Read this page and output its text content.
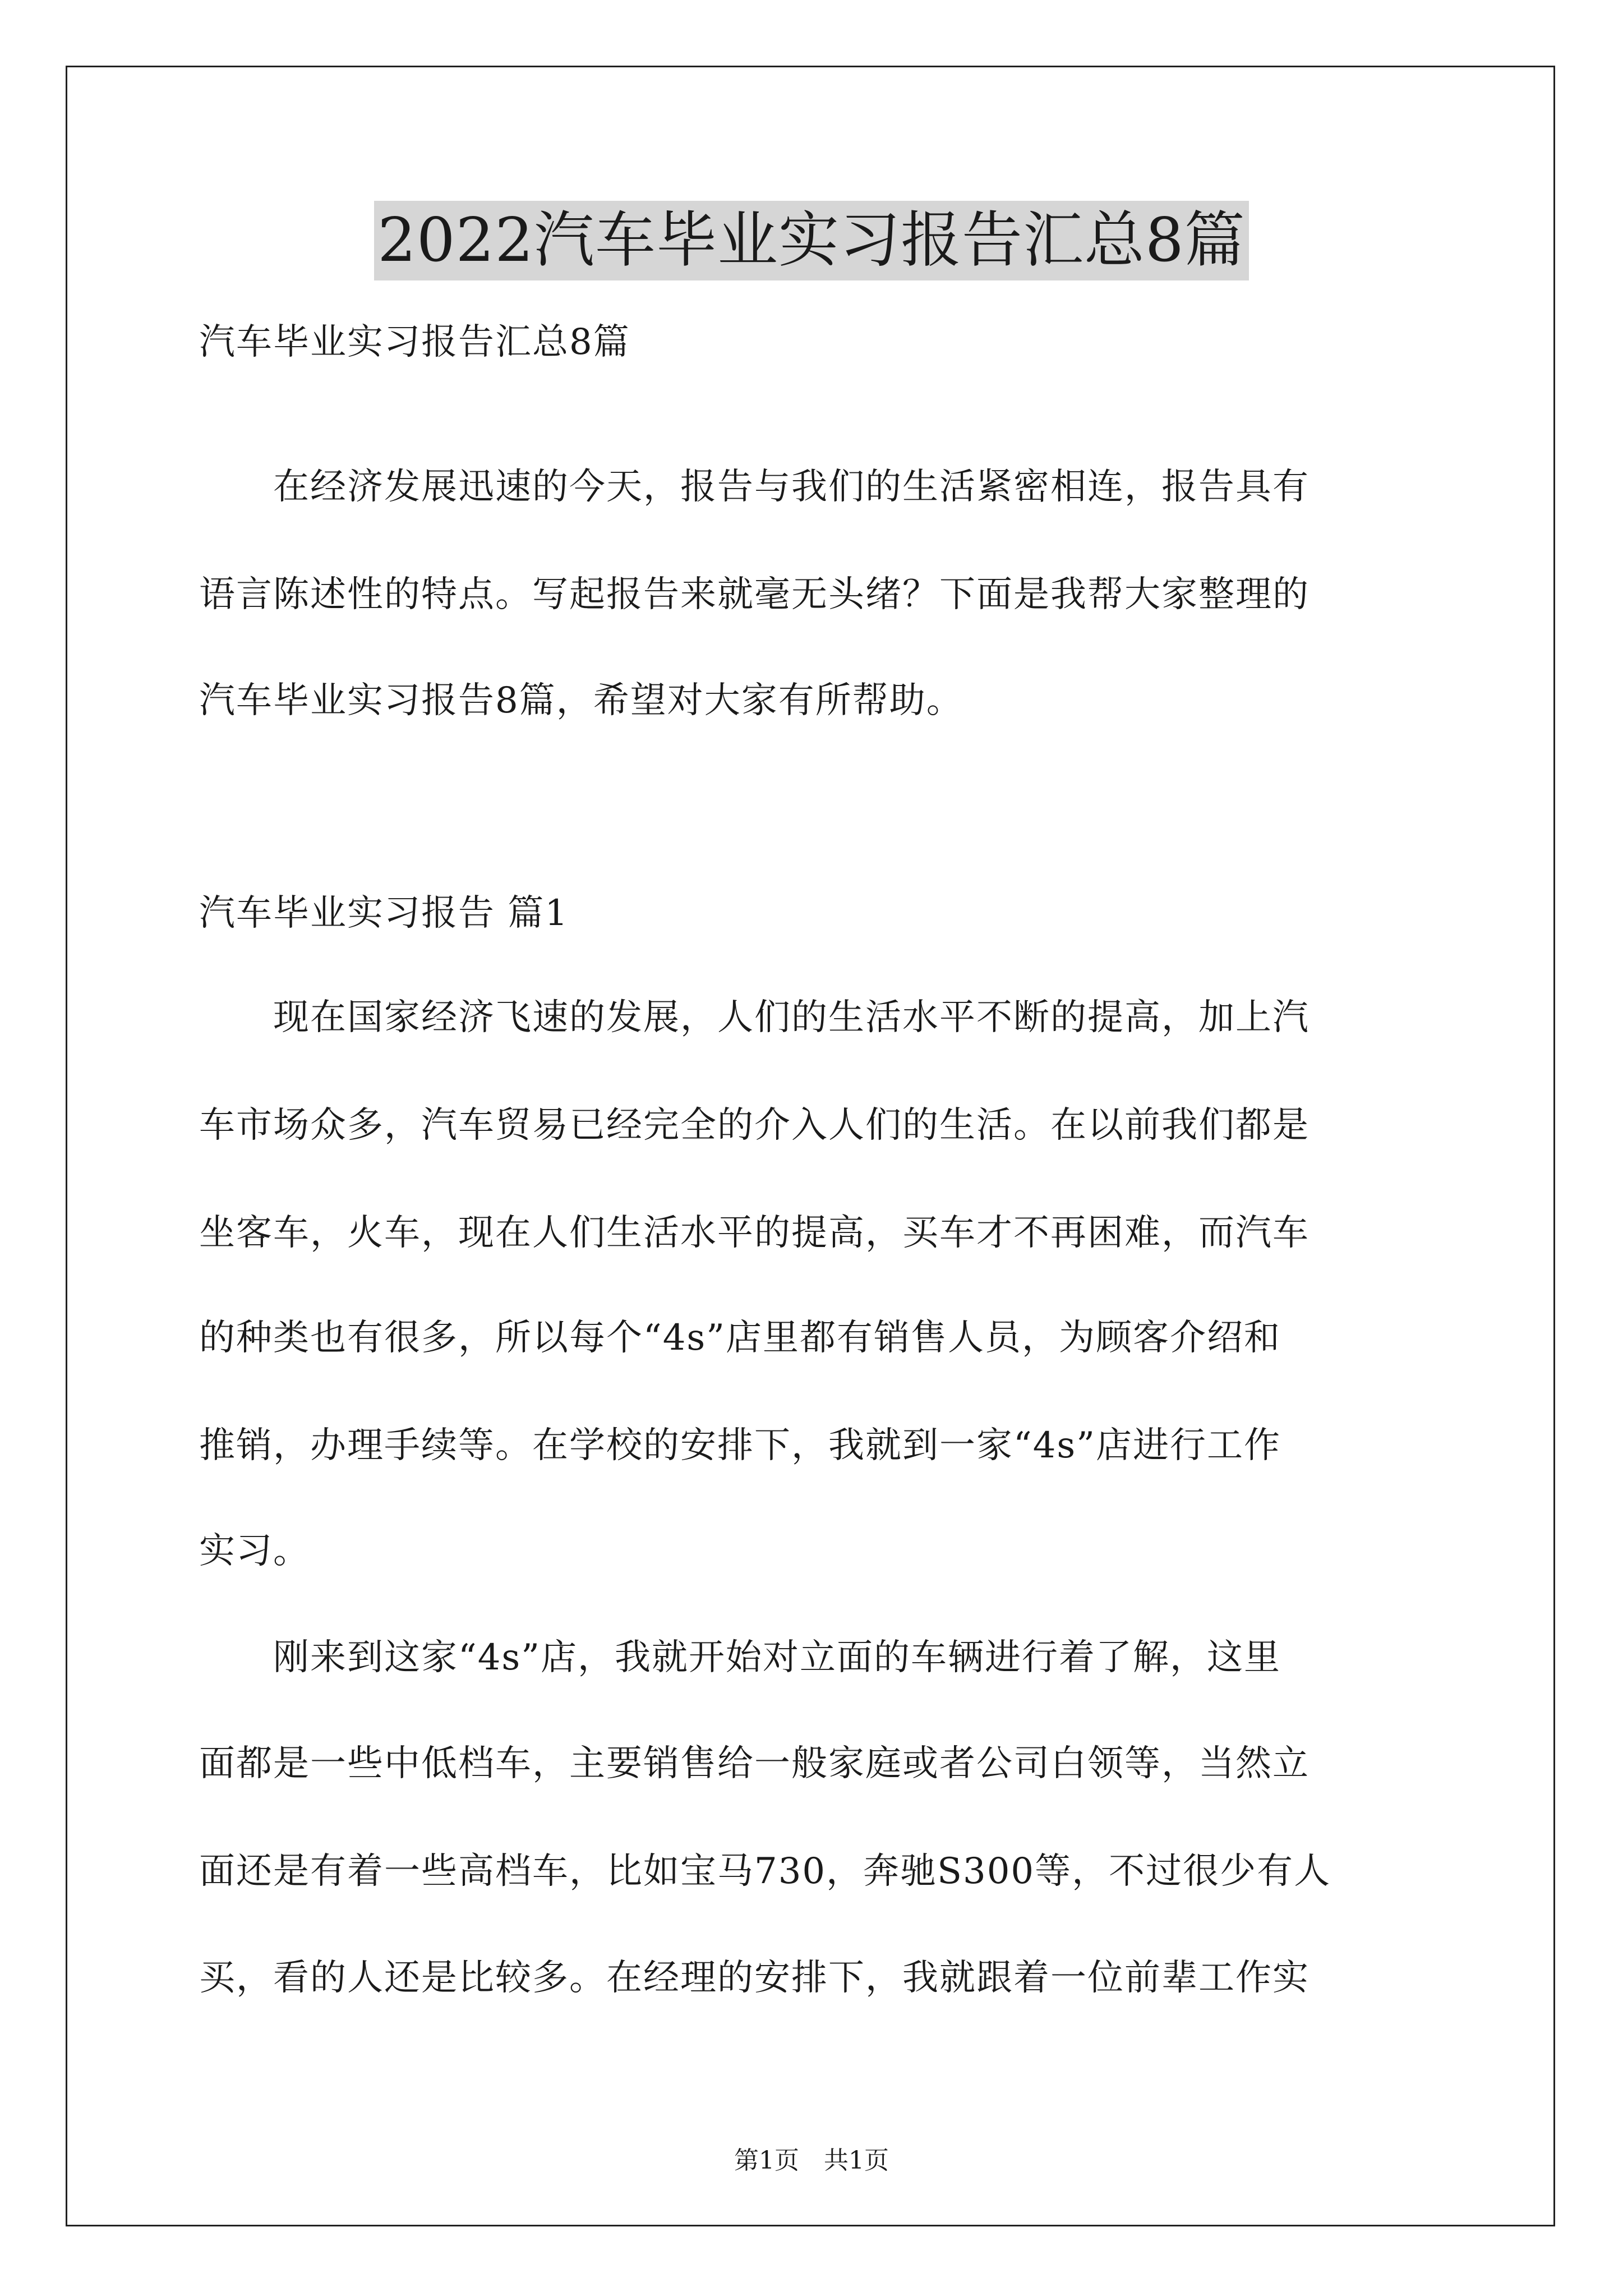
2022汽车毕业实习报告汇总8篇
汽车毕业实习报告汇总8篇
　　在经济发展迅速的今天，报告与我们的生活紧密相连，报告具有
语言陈述性的特点。写起报告来就毫无头绪？下面是我帮大家整理的
汽车毕业实习报告8篇，希望对大家有所帮助。
汽车毕业实习报告 篇1
　　现在国家经济飞速的发展，人们的生活水平不断的提高，加上汽
车市场众多，汽车贸易已经完全的介入人们的生活。在以前我们都是
坐客车，火车，现在人们生活水平的提高，买车才不再困难，而汽车
的种类也有很多，所以每个“4s”店里都有销售人员，为顾客介绍和
推销，办理手续等。在学校的安排下，我就到一家“4s”店进行工作
实习。
　　刚来到这家“4s”店，我就开始对立面的车辆进行着了解，这里
面都是一些中低档车，主要销售给一般家庭或者公司白领等，当然立
面还是有着一些高档车，比如宝马730，奔驰S300等，不过很少有人
买，看的人还是比较多。在经理的安排下，我就跟着一位前辈工作实
第1页　共1页
